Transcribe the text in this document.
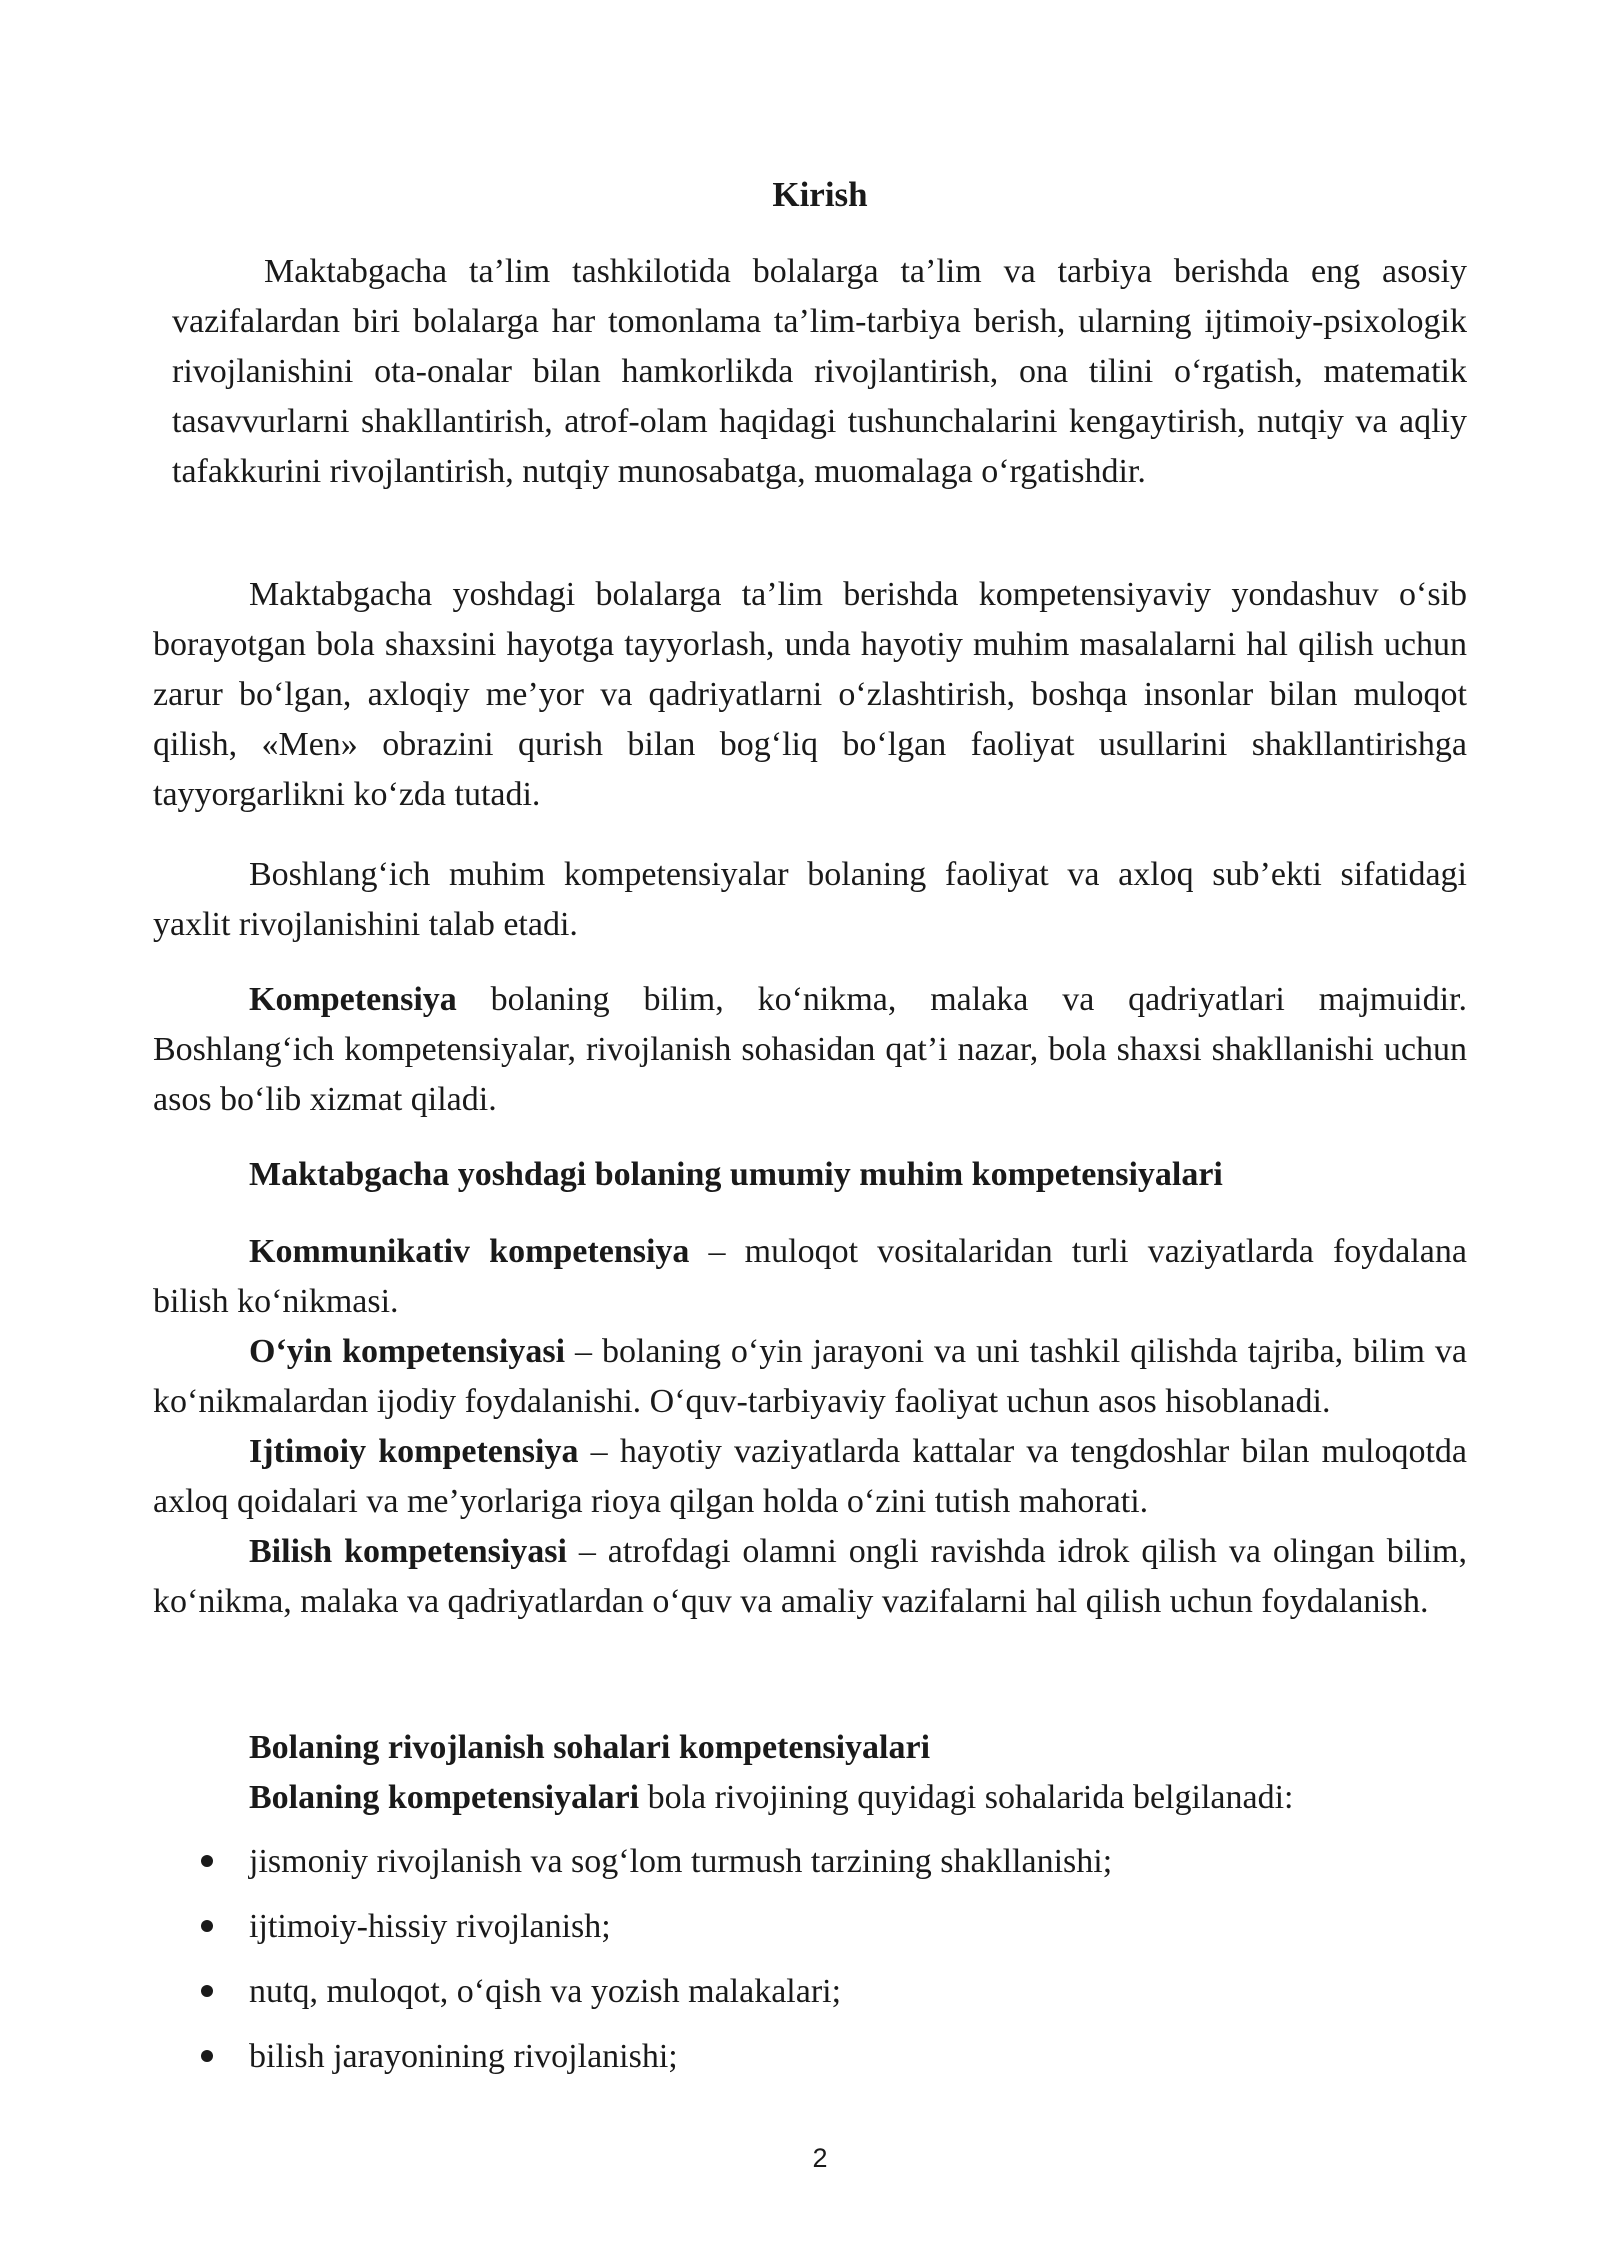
Kirish

Maktabgacha ta’lim tashkilotida bolalarga ta’lim va tarbiya berishda eng asosiy vazifalardan biri bolalarga har tomonlama ta’lim-tarbiya berish, ularning ijtimoiy-psixologik rivojlanishini ota-onalar bilan hamkorlikda rivojlantirish, ona tilini o‘rgatish, matematik tasavvurlarni shakllantirish, atrof-olam haqidagi tushunchalarini kengaytirish, nutqiy va aqliy tafakkurini rivojlantirish, nutqiy munosabatga, muomalaga o‘rgatishdir.

Maktabgacha yoshdagi bolalarga ta’lim berishda kompetensiyaviy yondashuv o‘sib borayotgan bola shaxsini hayotga tayyorlash, unda hayotiy muhim masalalarni hal qilish uchun zarur bo‘lgan, axloqiy me’yor va qadriyatlarni o‘zlashtirish, boshqa insonlar bilan muloqot qilish, «Men» obrazini qurish bilan bog‘liq bo‘lgan faoliyat usullarini shakllantirishga tayyorgarlikni ko‘zda tutadi.

Boshlang‘ich muhim kompetensiyalar bolaning faoliyat va axloq sub’ekti sifatidagi yaxlit rivojlanishini talab etadi.

Kompetensiya bolaning bilim, ko‘nikma, malaka va qadriyatlari majmuidir. Boshlang‘ich kompetensiyalar, rivojlanish sohasidan qat’i nazar, bola shaxsi shakllanishi uchun asos bo‘lib xizmat qiladi.

Maktabgacha yoshdagi bolaning umumiy muhim kompetensiyalari

Kommunikativ kompetensiya – muloqot vositalaridan turli vaziyatlarda foydalana bilish ko‘nikmasi.

O‘yin kompetensiyasi – bolaning o‘yin jarayoni va uni tashkil qilishda tajriba, bilim va ko‘nikmalardan ijodiy foydalanishi. O‘quv-tarbiyaviy faoliyat uchun asos hisoblanadi.

Ijtimoiy kompetensiya – hayotiy vaziyatlarda kattalar va tengdoshlar bilan muloqotda axloq qoidalari va me’yorlariga rioya qilgan holda o‘zini tutish mahorati.

Bilish kompetensiyasi – atrofdagi olamni ongli ravishda idrok qilish va olingan bilim, ko‘nikma, malaka va qadriyatlardan o‘quv va amaliy vazifalarni hal qilish uchun foydalanish.

Bolaning rivojlanish sohalari kompetensiyalari
Bolaning kompetensiyalari bola rivojining quyidagi sohalarida belgilanadi:
jismoniy rivojlanish va sog‘lom turmush tarzining shakllanishi;
ijtimoiy-hissiy rivojlanish;
nutq, muloqot, o‘qish va yozish malakalari;
bilish jarayonining rivojlanishi;
2
